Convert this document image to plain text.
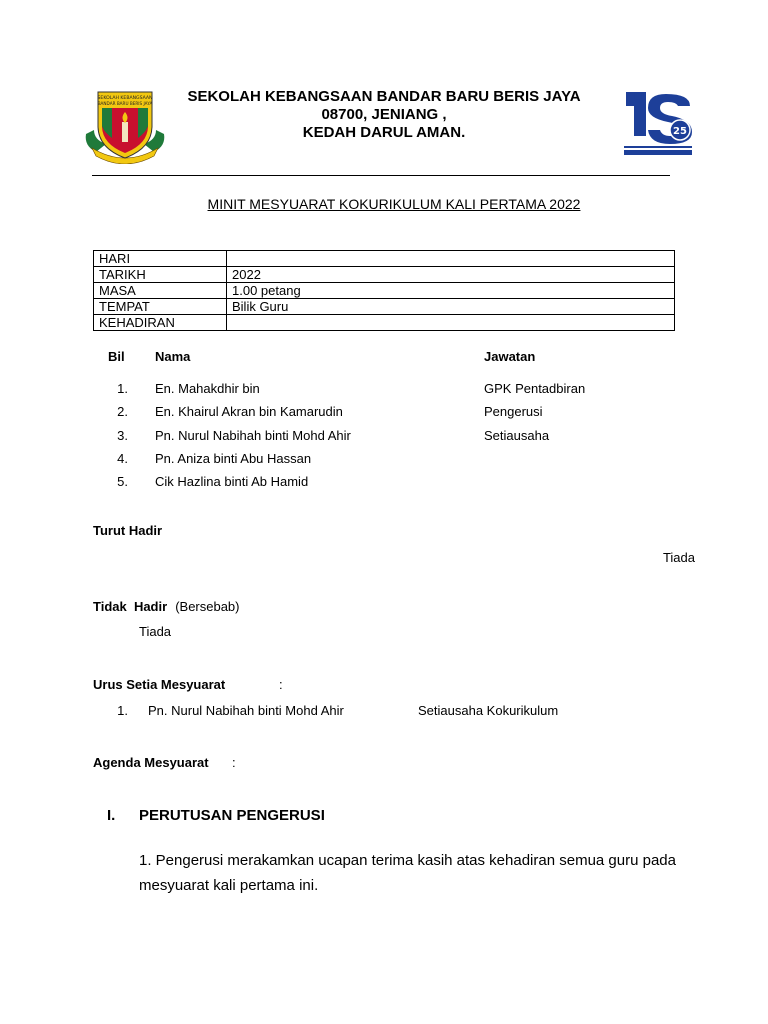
SEKOLAH KEBANGSAAN
BANDAR BARU BERIS JAYA	SEKOLAH KEBANGSAAN BANDAR BARU BERIS JAYA
08700, JENIANG ,
KEDAH DARUL AMAN.	25
MINIT MESYUARAT KOKURIKULUM KALI PERTAMA 2022
HARI	
TARIKH	2022
MASA	1.00 petang
TEMPAT	Bilik Guru
KEHADIRAN	
Bil Nama	Jawatan
1. En. Mahakdhir bin	GPK Pentadbiran
2. En. Khairul Akran bin Kamarudin	Pengerusi
3. Pn. Nurul Nabihah binti Mohd Ahir	Setiausaha
4. Pn. Aniza binti Abu Hassan
5. Cik Hazlina binti Ab Hamid
Turut Hadir
Tiada
Tidak  Hadir (Bersebab)
Tiada
Urus Setia Mesyuarat	:
1. Pn. Nurul Nabihah binti Mohd Ahir	Setiausaha Kokurikulum
Agenda Mesyuarat :
I. PERUTUSAN PENGERUSI
1. Pengerusi merakamkan ucapan terima kasih atas kehadiran semua guru pada
mesyuarat kali pertama ini.
